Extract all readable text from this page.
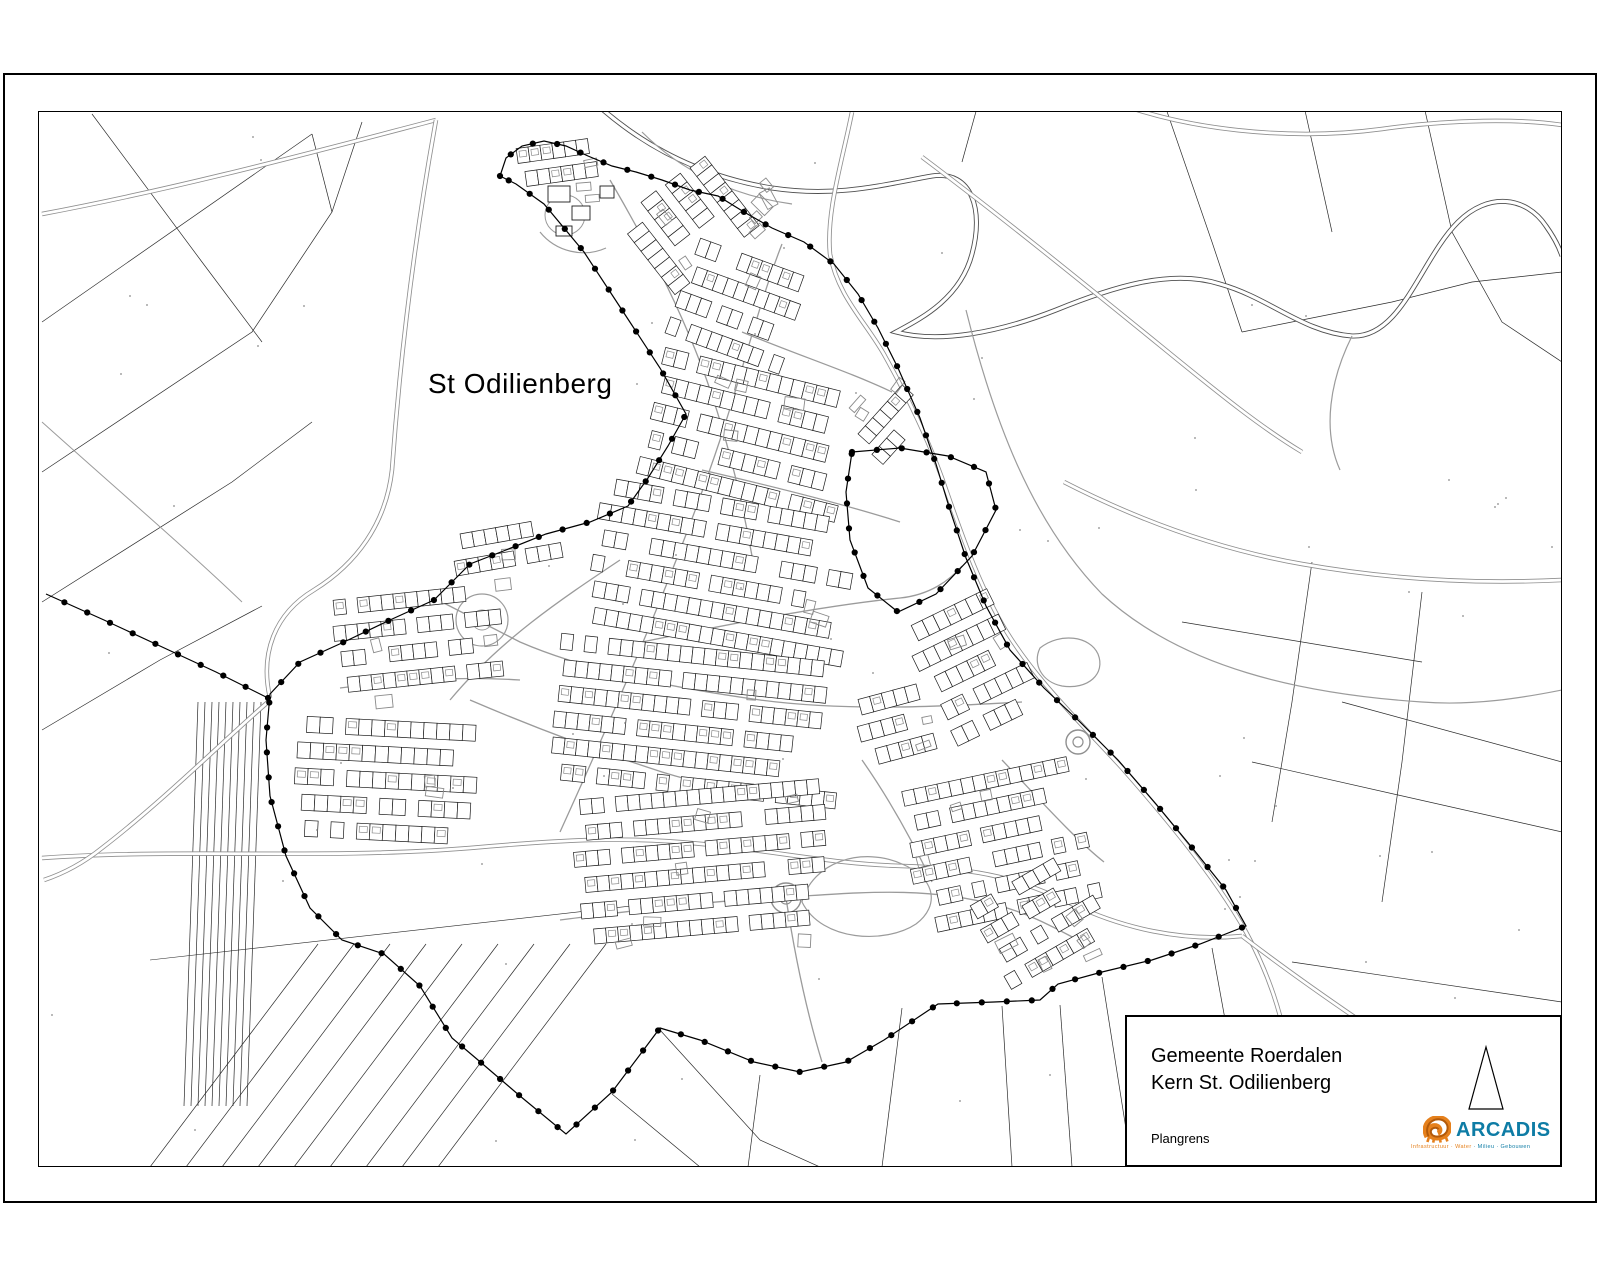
St Odilienberg
Gemeente Roerdalen
Kern St. Odilienberg
Plangrens	ARCADIS
Infrastructuur · Water · Milieu · Gebouwen
